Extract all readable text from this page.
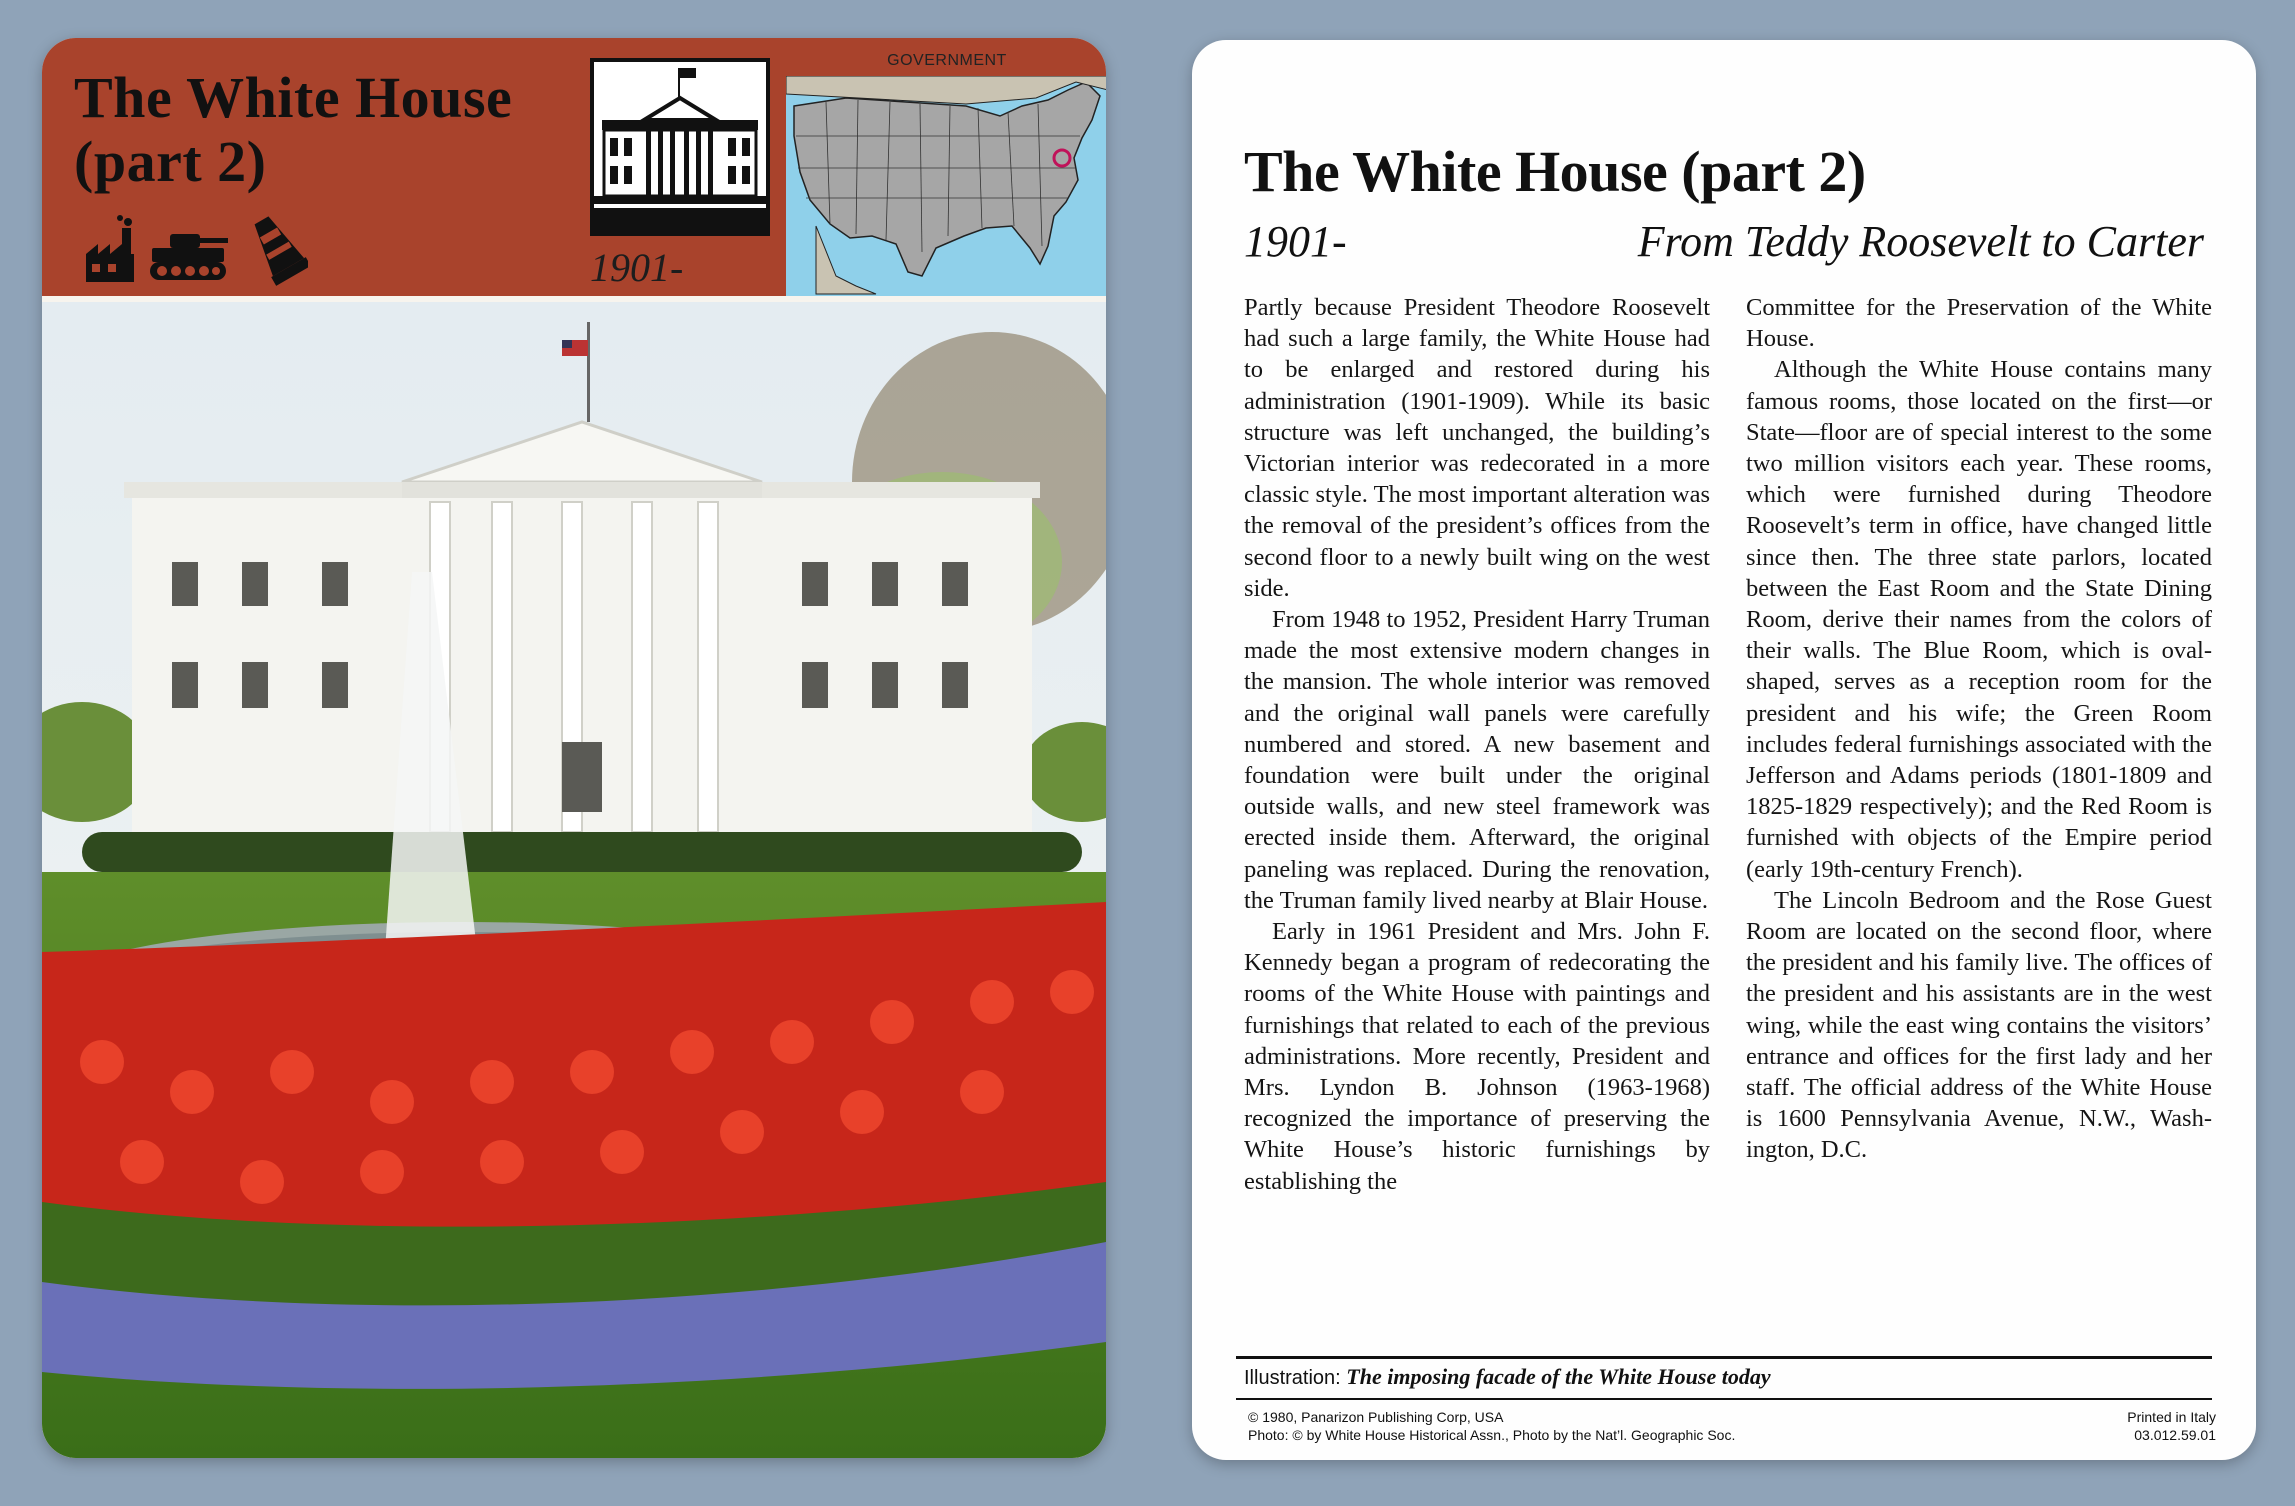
The White House
(part 2)
GOVERNMENT
1901-
The White House (part 2)
1901-	From Teddy Roosevelt to Carter

Partly because President Theodore Roosevelt had such a large family, the White House had to be enlarged and restored during his administration (1901-1909). While its basic structure was left unchanged, the building’s Victorian interior was redecorated in a more classic style. The most important alteration was the removal of the president’s offices from the second floor to a newly built wing on the west side.

From 1948 to 1952, President Harry Truman made the most extensive modern changes in the mansion. The whole interior was removed and the original wall panels were carefully numbered and stored. A new basement and foundation were built under the original outside walls, and new steel framework was erected inside them. Afterward, the original paneling was replaced. During the renovation, the Truman family lived nearby at Blair House.

Early in 1961 President and Mrs. John F. Kennedy began a program of redecorating the rooms of the White House with paintings and furnishings that related to each of the previous administrations. More recently, President and Mrs. Lyndon B. Johnson (1963-1968) recognized the importance of preserving the White House’s historic furnishings by establishing the

Committee for the Preservation of the White House.

Although the White House contains many famous rooms, those located on the first—or State—floor are of special interest to the some two million visitors each year. These rooms, which were furnished during Theodore Roosevelt’s term in office, have changed little since then. The three state parlors, located between the East Room and the State Dining Room, derive their names from the colors of their walls. The Blue Room, which is oval-shaped, serves as a reception room for the president and his wife; the Green Room includes federal furnishings associated with the Jefferson and Adams periods (1801-1809 and 1825-1829 respectively); and the Red Room is furnished with objects of the Empire period (early 19th-century French).

The Lincoln Bedroom and the Rose Guest Room are located on the second floor, where the president and his family live. The offices of the president and his assistants are in the west wing, while the east wing contains the visitors’ entrance and offices for the first lady and her staff. The official address of the White House is 1600 Pennsylvania Avenue, N.W., Washington, D.C.

Illustration: The imposing facade of the White House today
© 1980, Panarizon Publishing Corp, USA
Photo: © by White House Historical Assn., Photo by the Nat’l. Geographic Soc.
Printed in Italy
03.012.59.01
